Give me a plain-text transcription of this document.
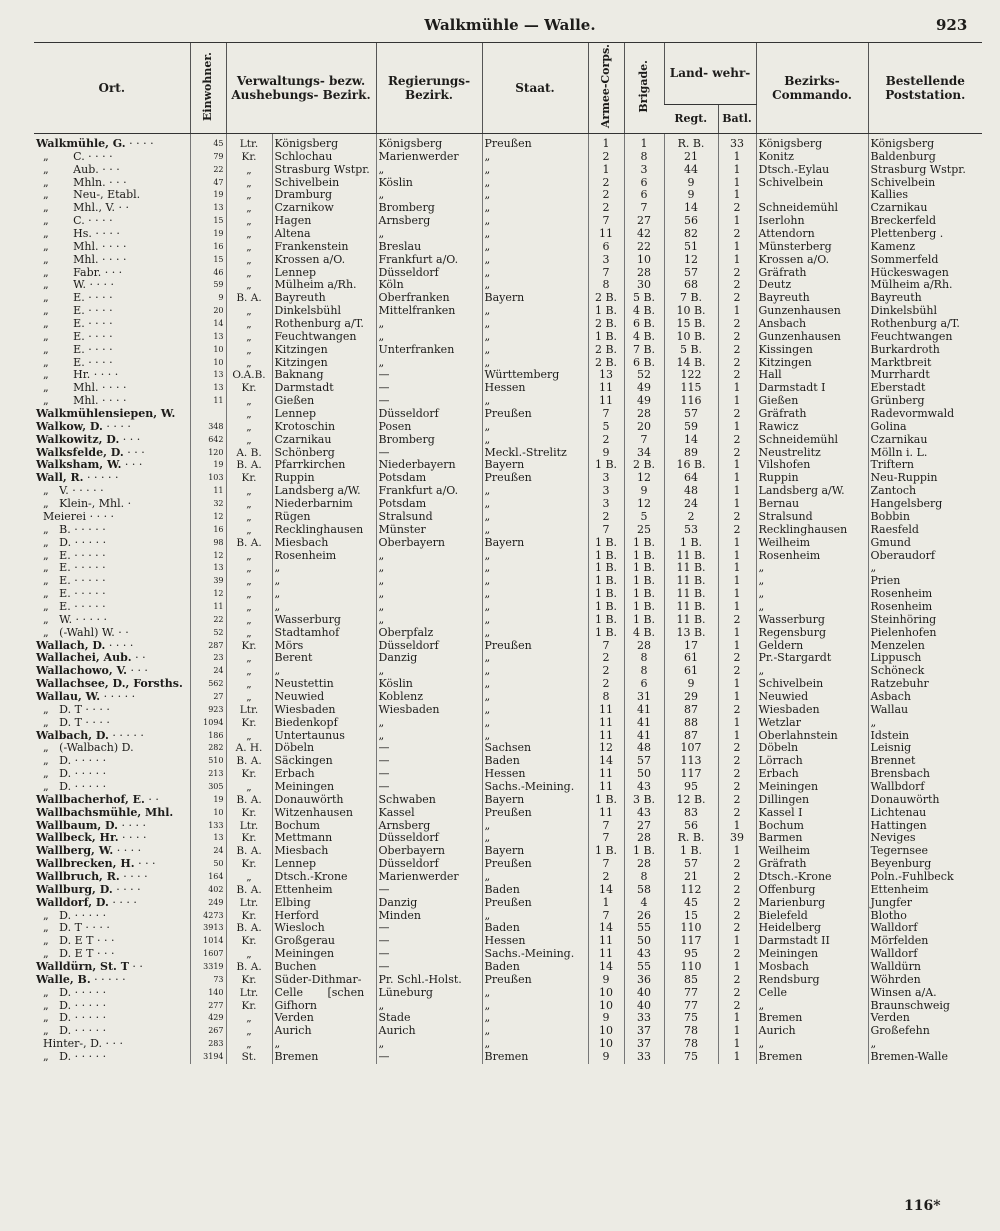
Walkmühle — Walle.	923
Ort.	Einwohner.	Verwaltungs- bezw. Aushebungs- Bezirk.		Regierungs- Bezirk.	Staat.	Armee-Corps.	Brigade.	Land- wehr-		Bezirks- Commando.	Bestellende Poststation.
								Regt.	Batl.		
Walkmühle, G. · · · ·	45	Ltr.	Königsberg	Königsberg	Preußen	1	1	R. B.	33	Königsberg	Königsberg
„       C. · · · ·	79	Kr.	Schlochau	Marienwerder	„	2	8	21	1	Konitz	Baldenburg
„       Aub. · · ·	22	„	Strasburg Wstpr.	„	„	1	3	44	1	Dtsch.-Eylau	Strasburg Wstpr.
„       Mhln. · · ·	47	„	Schivelbein	Köslin	„	2	6	9	1	Schivelbein	Schivelbein
„       Neu-, Etabl.	19	„	Dramburg	„	„	2	6	9	1		Kallies
„       Mhl., V. · ·	13	„	Czarnikow	Bromberg	„	2	7	14	2	Schneidemühl	Czarnikau
„       C. · · · ·	15	„	Hagen	Arnsberg	„	7	27	56	1	Iserlohn	Breckerfeld
„       Hs. · · · ·	19	„	Altena	„	„	11	42	82	2	Attendorn	Plettenberg .
„       Mhl. · · · ·	16	„	Frankenstein	Breslau	„	6	22	51	1	Münsterberg	Kamenz
„       Mhl. · · · ·	15	„	Krossen a/O.	Frankfurt a/O.	„	3	10	12	1	Krossen a/O.	Sommerfeld
„       Fabr. · · ·	46	„	Lennep	Düsseldorf	„	7	28	57	2	Gräfrath	Hückeswagen
„       W. · · · ·	59	„	Mülheim a/Rh.	Köln	„	8	30	68	2	Deutz	Mülheim a/Rh.
„       E. · · · ·	9	B. A.	Bayreuth	Oberfranken	Bayern	2 B.	5 B.	7 B.	2	Bayreuth	Bayreuth
„       E. · · · ·	20	„	Dinkelsbühl	Mittelfranken	„	1 B.	4 B.	10 B.	1	Gunzenhausen	Dinkelsbühl
„       E. · · · ·	14	„	Rothenburg a/T.	„	„	2 B.	6 B.	15 B.	2	Ansbach	Rothenburg a/T.
„       E. · · · ·	13	„	Feuchtwangen	„	„	1 B.	4 B.	10 B.	2	Gunzenhausen	Feuchtwangen
„       E. · · · ·	10	„	Kitzingen	Unterfranken	„	2 B.	7 B.	5 B.	2	Kissingen	Burkardroth
„       E. · · · ·	10	„	Kitzingen	„	„	2 B.	6 B.	14 B.	2	Kitzingen	Marktbreit
„       Hr. · · · ·	13	O.A.B.	Baknang	—	Württemberg	13	52	122	2	Hall	Murrhardt
„       Mhl. · · · ·	13	Kr.	Darmstadt	—	Hessen	11	49	115	1	Darmstadt I	Eberstadt
„       Mhl. · · · ·	11	„	Gießen	—	„	11	49	116	1	Gießen	Grünberg
Walkmühlensiepen, W.		„	Lennep	Düsseldorf	Preußen	7	28	57	2	Gräfrath	Radevormwald
Walkow, D. · · · ·	348	„	Krotoschin	Posen	„	5	20	59	1	Rawicz	Golina
Walkowitz, D. · · ·	642	„	Czarnikau	Bromberg	„	2	7	14	2	Schneidemühl	Czarnikau
Walksfelde, D. · · ·	120	A. B.	Schönberg	—	Meckl.-Strelitz	9	34	89	2	Neustrelitz	Mölln i. L.
Walksham, W. · · ·	19	B. A.	Pfarrkirchen	Niederbayern	Bayern	1 B.	2 B.	16 B.	1	Vilshofen	Triftern
Wall, R. · · · · ·	103	Kr.	Ruppin	Potsdam	Preußen	3	12	64	1	Ruppin	Neu-Ruppin
„   V. · · · · ·	11	„	Landsberg a/W.	Frankfurt a/O.	„	3	9	48	1	Landsberg a/W.	Zantoch
„   Klein-, Mhl. ·	32	„	Niederbarnim	Potsdam	„	3	12	24	1	Bernau	Hangelsberg
Meierei · · · ·	12	„	Rügen	Stralsund	„	2	5	2	2	Stralsund	Bobbin
„   B. · · · · ·	16	„	Recklinghausen	Münster	„	7	25	53	2	Recklinghausen	Raesfeld
„   D. · · · · ·	98	B. A.	Miesbach	Oberbayern	Bayern	1 B.	1 B.	1 B.	1	Weilheim	Gmund
„   E. · · · · ·	12	„	Rosenheim	„	„	1 B.	1 B.	11 B.	1	Rosenheim	Oberaudorf
„   E. · · · · ·	13	„	„	„	„	1 B.	1 B.	11 B.	1	„	„
„   E. · · · · ·	39	„	„	„	„	1 B.	1 B.	11 B.	1	„	Prien
„   E. · · · · ·	12	„	„	„	„	1 B.	1 B.	11 B.	1	„	Rosenheim
„   E. · · · · ·	11	„	„	„	„	1 B.	1 B.	11 B.	1	„	Rosenheim
„   W. · · · · ·	22	„	Wasserburg	„	„	1 B.	1 B.	11 B.	2	Wasserburg	Steinhöring
„   (-Wahl) W. · ·	52	„	Stadtamhof	Oberpfalz	„	1 B.	4 B.	13 B.	1	Regensburg	Pielenhofen
Wallach, D. · · · ·	287	Kr.	Mörs	Düsseldorf	Preußen	7	28	17	1	Geldern	Menzelen
Wallachei, Aub. · ·	23	„	Berent	Danzig	„	2	8	61	2	Pr.-Stargardt	Lippusch
Wallachowo, V. · · ·	24	„	„	„	„	2	8	61	2	„	Schöneck
Wallachsee, D., Forsths.	562	„	Neustettin	Köslin	„	2	6	9	1	Schivelbein	Ratzebuhr
Wallau, W. · · · · ·	27	„	Neuwied	Koblenz	„	8	31	29	1	Neuwied	Asbach
„   D. T · · · ·	923	Ltr.	Wiesbaden	Wiesbaden	„	11	41	87	2	Wiesbaden	Wallau
„   D. T · · · ·	1094	Kr.	Biedenkopf	„	„	11	41	88	1	Wetzlar	„
Walbach, D. · · · · ·	186	„	Untertaunus	„	„	11	41	87	1	Oberlahnstein	Idstein
„   (-Walbach) D.	282	A. H.	Döbeln	—	Sachsen	12	48	107	2	Döbeln	Leisnig
„   D. · · · · ·	510	B. A.	Säckingen	—	Baden	14	57	113	2	Lörrach	Brennet
„   D. · · · · ·	213	Kr.	Erbach	—	Hessen	11	50	117	2	Erbach	Brensbach
„   D. · · · · ·	305	„	Meiningen	—	Sachs.-Meining.	11	43	95	2	Meiningen	Wallbdorf
Wallbacherhof, E. · ·	19	B. A.	Donauwörth	Schwaben	Bayern	1 B.	3 B.	12 B.	2	Dillingen	Donauwörth
Wallbachsmühle, Mhl.	10	Kr.	Witzenhausen	Kassel	Preußen	11	43	83	2	Kassel I	Lichtenau
Wallbaum, D. · · · ·	133	Ltr.	Bochum	Arnsberg	„	7	27	56	1	Bochum	Hattingen
Wallbeck, Hr. · · · ·	13	Kr.	Mettmann	Düsseldorf	„	7	28	R. B.	39	Barmen	Neviges
Wallberg, W. · · · ·	24	B. A.	Miesbach	Oberbayern	Bayern	1 B.	1 B.	1 B.	1	Weilheim	Tegernsee
Wallbrecken, H. · · ·	50	Kr.	Lennep	Düsseldorf	Preußen	7	28	57	2	Gräfrath	Beyenburg
Wallbruch, R. · · · ·	164	„	Dtsch.-Krone	Marienwerder	„	2	8	21	2	Dtsch.-Krone	Poln.-Fuhlbeck
Wallburg, D. · · · ·	402	B. A.	Ettenheim	—	Baden	14	58	112	2	Offenburg	Ettenheim
Walldorf, D. · · · ·	249	Ltr.	Elbing	Danzig	Preußen	1	4	45	2	Marienburg	Jungfer
„   D. · · · · ·	4273	Kr.	Herford	Minden	„	7	26	15	2	Bielefeld	Blotho
„   D. T · · · ·	3913	B. A.	Wiesloch	—	Baden	14	55	110	2	Heidelberg	Walldorf
„   D. E T · · ·	1014	Kr.	Großgerau	—	Hessen	11	50	117	1	Darmstadt II	Mörfelden
„   D. E T · · ·	1607	„	Meiningen	—	Sachs.-Meining.	11	43	95	2	Meiningen	Walldorf
Walldürn, St. T · ·	3319	B. A.	Buchen	—	Baden	14	55	110	1	Mosbach	Walldürn
Walle, B. · · · · ·	73	Kr.	Süder-Dithmar-	Pr. Schl.-Holst.	Preußen	9	36	85	2	Rendsburg	Wöhrden
„   D. · · · · ·	140	Ltr.	Celle       [schen	Lüneburg	„	10	40	77	2	Celle	Winsen a/A.
„   D. · · · · ·	277	Kr.	Gifhorn	„	„	10	40	77	2	„	Braunschweig
„   D. · · · · ·	429	„	Verden	Stade	„	9	33	75	1	Bremen	Verden
„   D. · · · · ·	267	„	Aurich	Aurich	„	10	37	78	1	Aurich	Großefehn
Hinter-, D. · · ·	283	„	„	„	„	10	37	78	1	„	„
„   D. · · · · ·	3194	St.	Bremen	—	Bremen	9	33	75	1	Bremen	Bremen-Walle
116*
